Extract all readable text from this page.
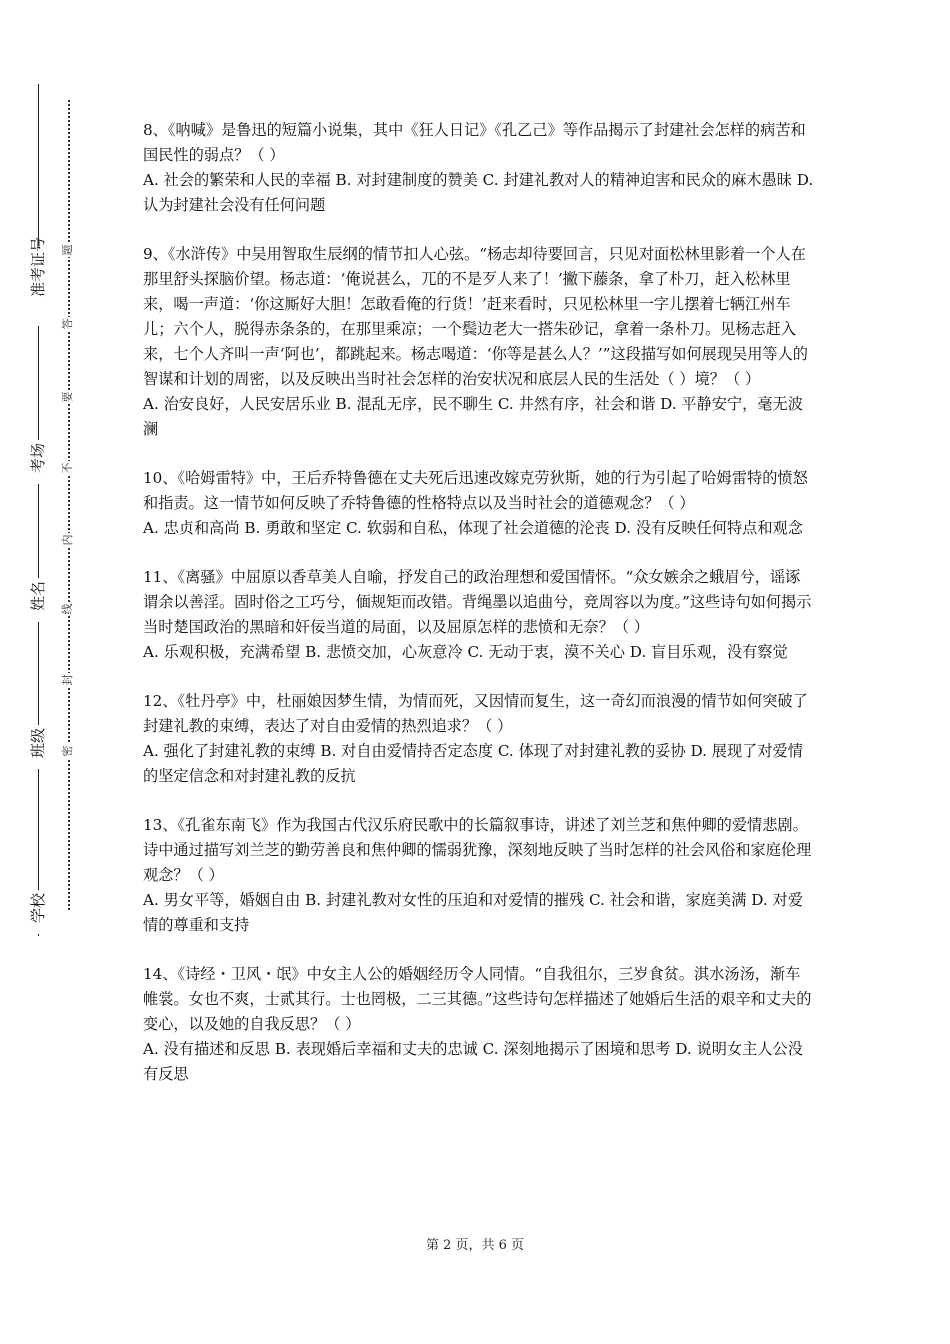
准考证号
考场
姓名
班级
学校
题
答
要
不
内
线
封
密

8、《呐喊》是鲁迅的短篇小说集，其中《狂人日记》《孔乙己》等作品揭示了封建社会怎样的病苦和国民性的弱点？（ ）

A. 社会的繁荣和人民的幸福 B. 对封建制度的赞美 C. 封建礼教对人的精神迫害和民众的麻木愚昧 D. 认为封建社会没有任何问题

9、《水浒传》中吴用智取生辰纲的情节扣人心弦。“杨志却待要回言，只见对面松林里影着一个人在那里舒头探脑价望。杨志道：‘俺说甚么，兀的不是歹人来了！’撇下藤条，拿了朴刀，赶入松林里来，喝一声道：‘你这厮好大胆！怎敢看俺的行货！’赶来看时，只见松林里一字儿摆着七辆江州车儿；六个人，脱得赤条条的，在那里乘凉；一个鬓边老大一搭朱砂记，拿着一条朴刀。见杨志赶入来，七个人齐叫一声‘阿也’，都跳起来。杨志喝道：‘你等是甚么人？’”这段描写如何展现吴用等人的智谋和计划的周密，以及反映出当时社会怎样的治安状况和底层人民的生活处（ ）境？（ ）

A. 治安良好，人民安居乐业 B. 混乱无序，民不聊生 C. 井然有序，社会和谐 D. 平静安宁，毫无波澜

10、《哈姆雷特》中，王后乔特鲁德在丈夫死后迅速改嫁克劳狄斯，她的行为引起了哈姆雷特的愤怒和指责。这一情节如何反映了乔特鲁德的性格特点以及当时社会的道德观念？（ ）

A. 忠贞和高尚 B. 勇敢和坚定 C. 软弱和自私，体现了社会道德的沦丧 D. 没有反映任何特点和观念

11、《离骚》中屈原以香草美人自喻，抒发自己的政治理想和爱国情怀。“众女嫉余之蛾眉兮，谣诼谓余以善淫。固时俗之工巧兮，偭规矩而改错。背绳墨以追曲兮，竞周容以为度。”这些诗句如何揭示当时楚国政治的黑暗和奸佞当道的局面，以及屈原怎样的悲愤和无奈？（ ）

A. 乐观积极，充满希望 B. 悲愤交加，心灰意冷 C. 无动于衷，漠不关心 D. 盲目乐观，没有察觉

12、《牡丹亭》中，杜丽娘因梦生情，为情而死，又因情而复生，这一奇幻而浪漫的情节如何突破了封建礼教的束缚，表达了对自由爱情的热烈追求？（ ）

A. 强化了封建礼教的束缚 B. 对自由爱情持否定态度 C. 体现了对封建礼教的妥协 D. 展现了对爱情的坚定信念和对封建礼教的反抗

13、《孔雀东南飞》作为我国古代汉乐府民歌中的长篇叙事诗，讲述了刘兰芝和焦仲卿的爱情悲剧。诗中通过描写刘兰芝的勤劳善良和焦仲卿的懦弱犹豫，深刻地反映了当时怎样的社会风俗和家庭伦理观念？（ ）

A. 男女平等，婚姻自由 B. 封建礼教对女性的压迫和对爱情的摧残 C. 社会和谐，家庭美满 D. 对爱情的尊重和支持

14、《诗经・卫风・氓》中女主人公的婚姻经历令人同情。“自我徂尔，三岁食贫。淇水汤汤，渐车帷裳。女也不爽，士贰其行。士也罔极，二三其德。”这些诗句怎样描述了她婚后生活的艰辛和丈夫的变心，以及她的自我反思？（ ）

A. 没有描述和反思 B. 表现婚后幸福和丈夫的忠诚 C. 深刻地揭示了困境和思考 D. 说明女主人公没有反思

第 2 页，共 6 页
